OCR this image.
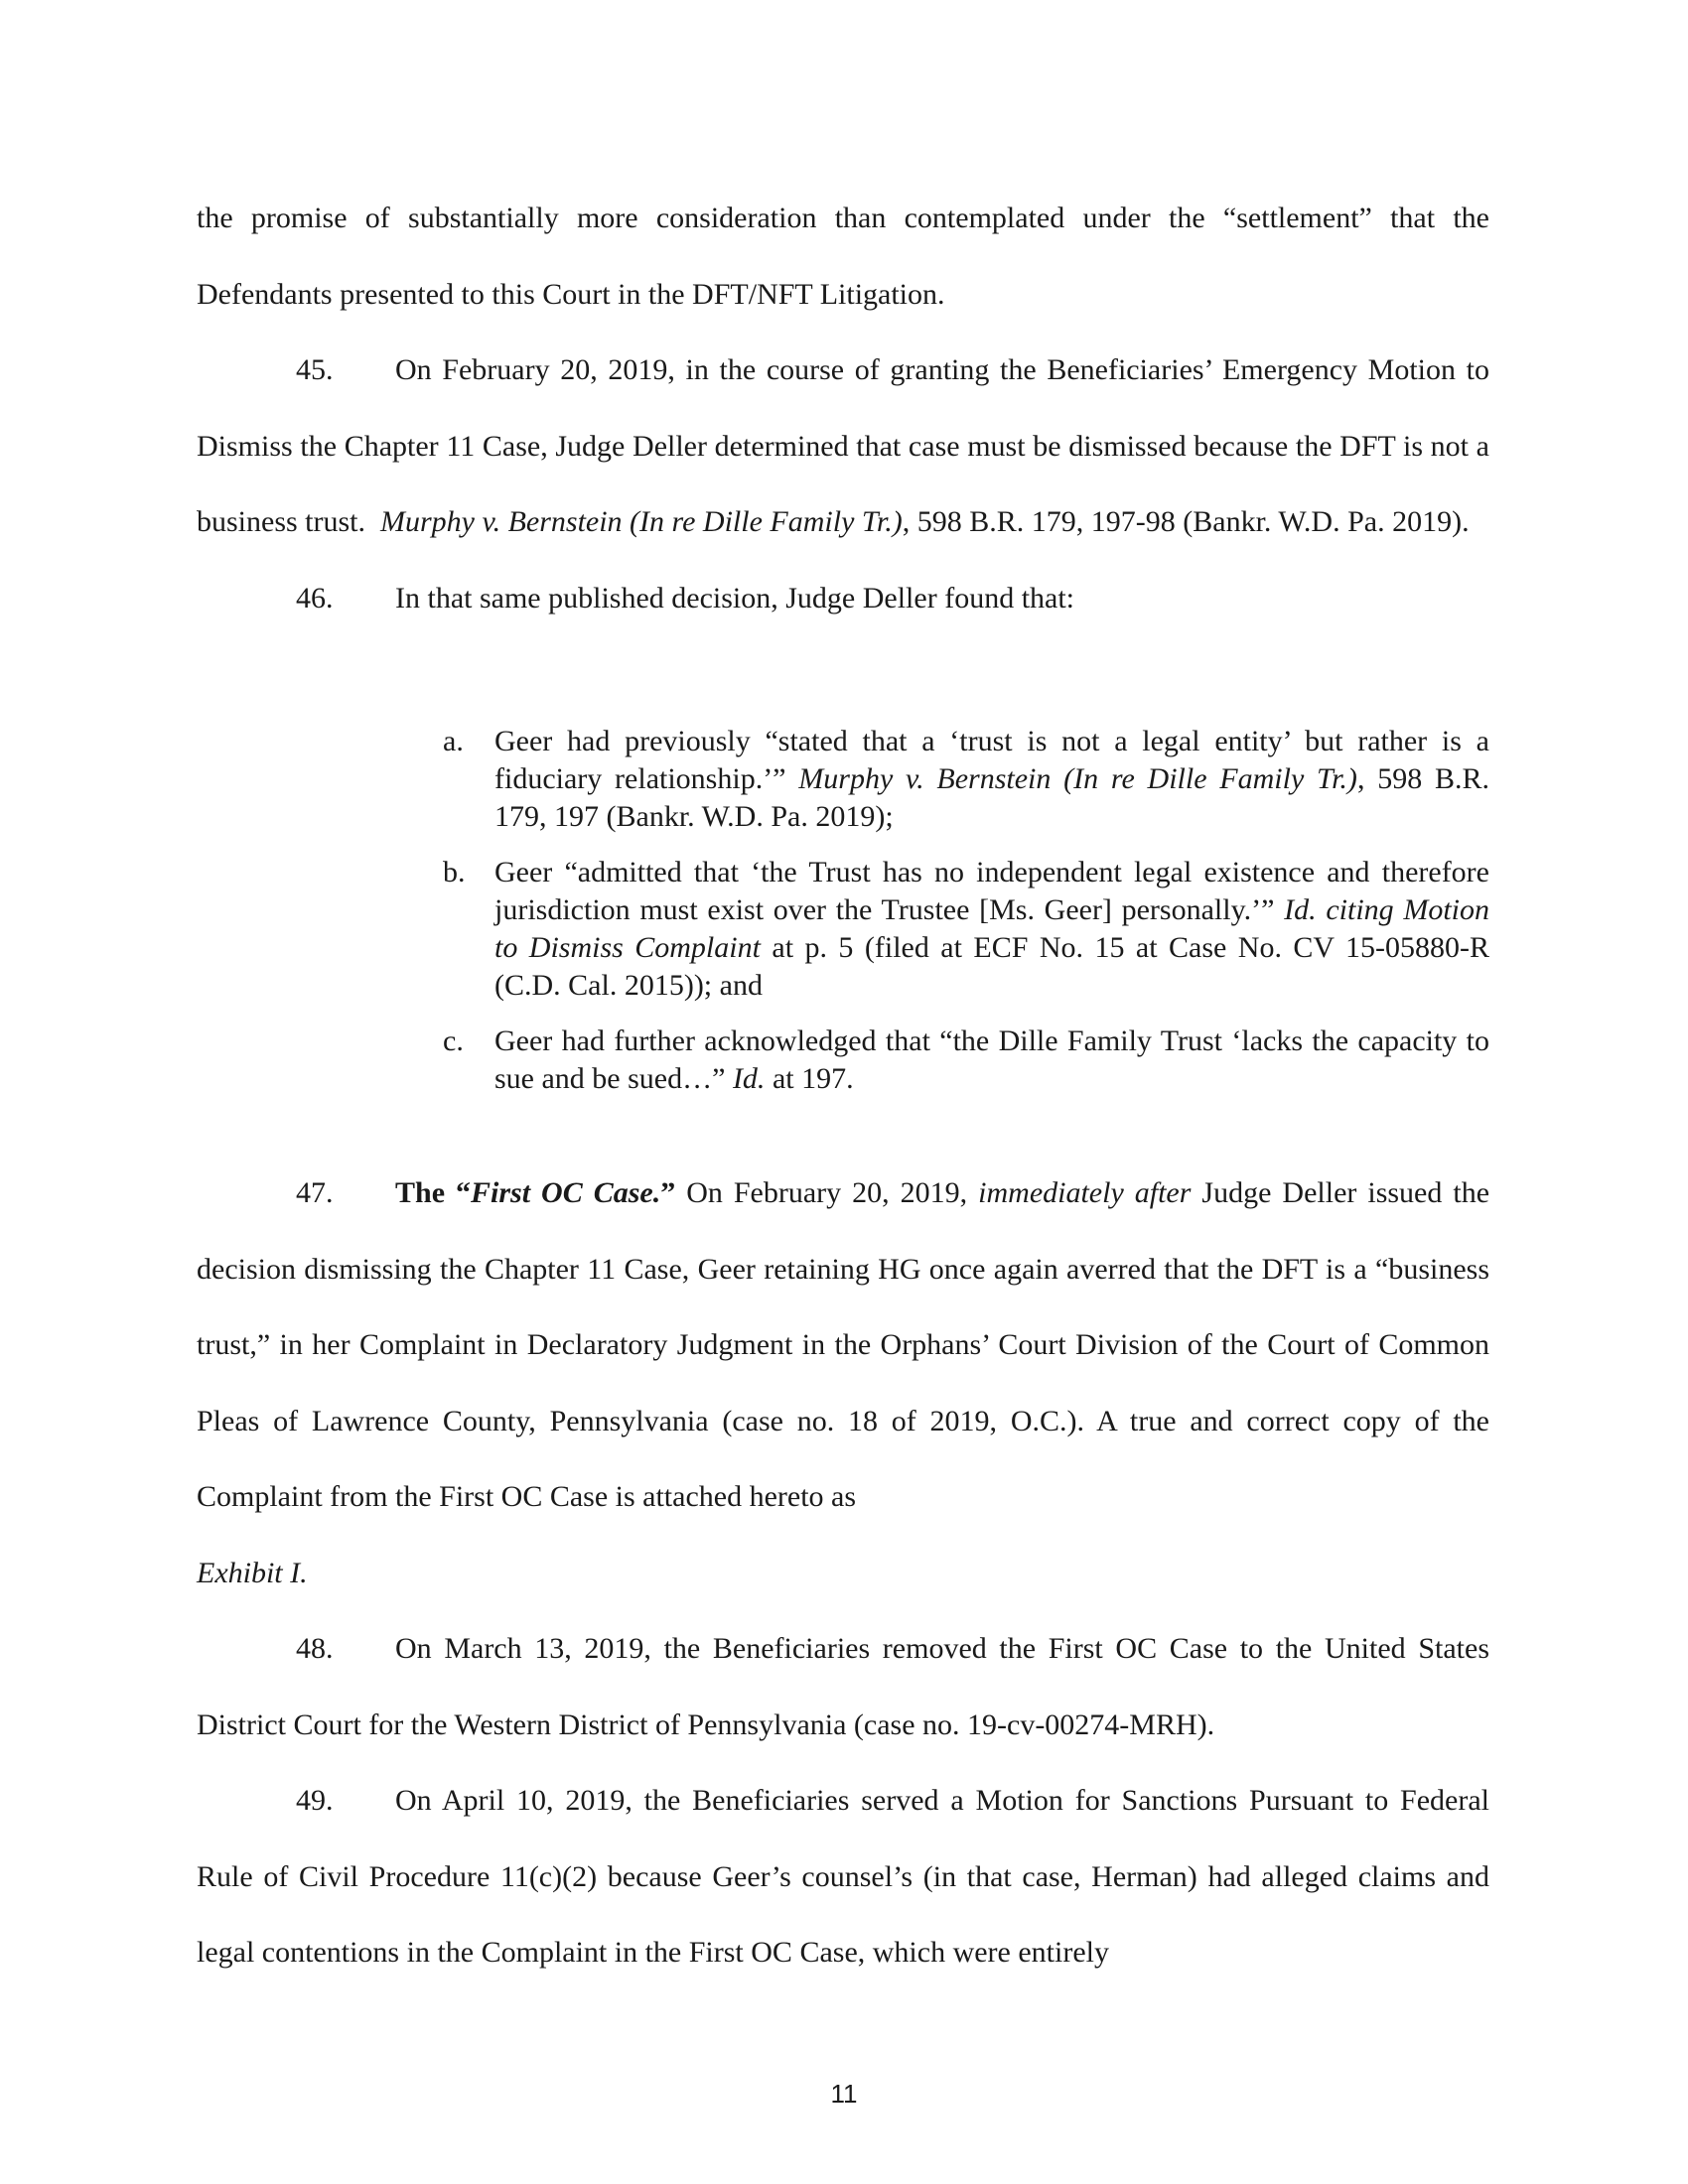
the promise of substantially more consideration than contemplated under the “settlement” that the Defendants presented to this Court in the DFT/NFT Litigation.

45. On February 20, 2019, in the course of granting the Beneficiaries’ Emergency Motion to Dismiss the Chapter 11 Case, Judge Deller determined that case must be dismissed because the DFT is not a business trust. Murphy v. Bernstein (In re Dille Family Tr.), 598 B.R. 179, 197-98 (Bankr. W.D. Pa. 2019).

46. In that same published decision, Judge Deller found that:

a. Geer had previously “stated that a ‘trust is not a legal entity’ but rather is a fiduciary relationship.’” Murphy v. Bernstein (In re Dille Family Tr.), 598 B.R. 179, 197 (Bankr. W.D. Pa. 2019);

b. Geer “admitted that ‘the Trust has no independent legal existence and therefore jurisdiction must exist over the Trustee [Ms. Geer] personally.’” Id. citing Motion to Dismiss Complaint at p. 5 (filed at ECF No. 15 at Case No. CV 15-05880-R (C.D. Cal. 2015)); and

c. Geer had further acknowledged that “the Dille Family Trust ‘lacks the capacity to sue and be sued…” Id. at 197.

47. The “First OC Case.” On February 20, 2019, immediately after Judge Deller issued the decision dismissing the Chapter 11 Case, Geer retaining HG once again averred that the DFT is a “business trust,” in her Complaint in Declaratory Judgment in the Orphans’ Court Division of the Court of Common Pleas of Lawrence County, Pennsylvania (case no. 18 of 2019, O.C.). A true and correct copy of the Complaint from the First OC Case is attached hereto as
Exhibit I.

48. On March 13, 2019, the Beneficiaries removed the First OC Case to the United States District Court for the Western District of Pennsylvania (case no. 19-cv-00274-MRH).

49. On April 10, 2019, the Beneficiaries served a Motion for Sanctions Pursuant to Federal Rule of Civil Procedure 11(c)(2) because Geer’s counsel’s (in that case, Herman) had alleged claims and legal contentions in the Complaint in the First OC Case, which were entirely

11
